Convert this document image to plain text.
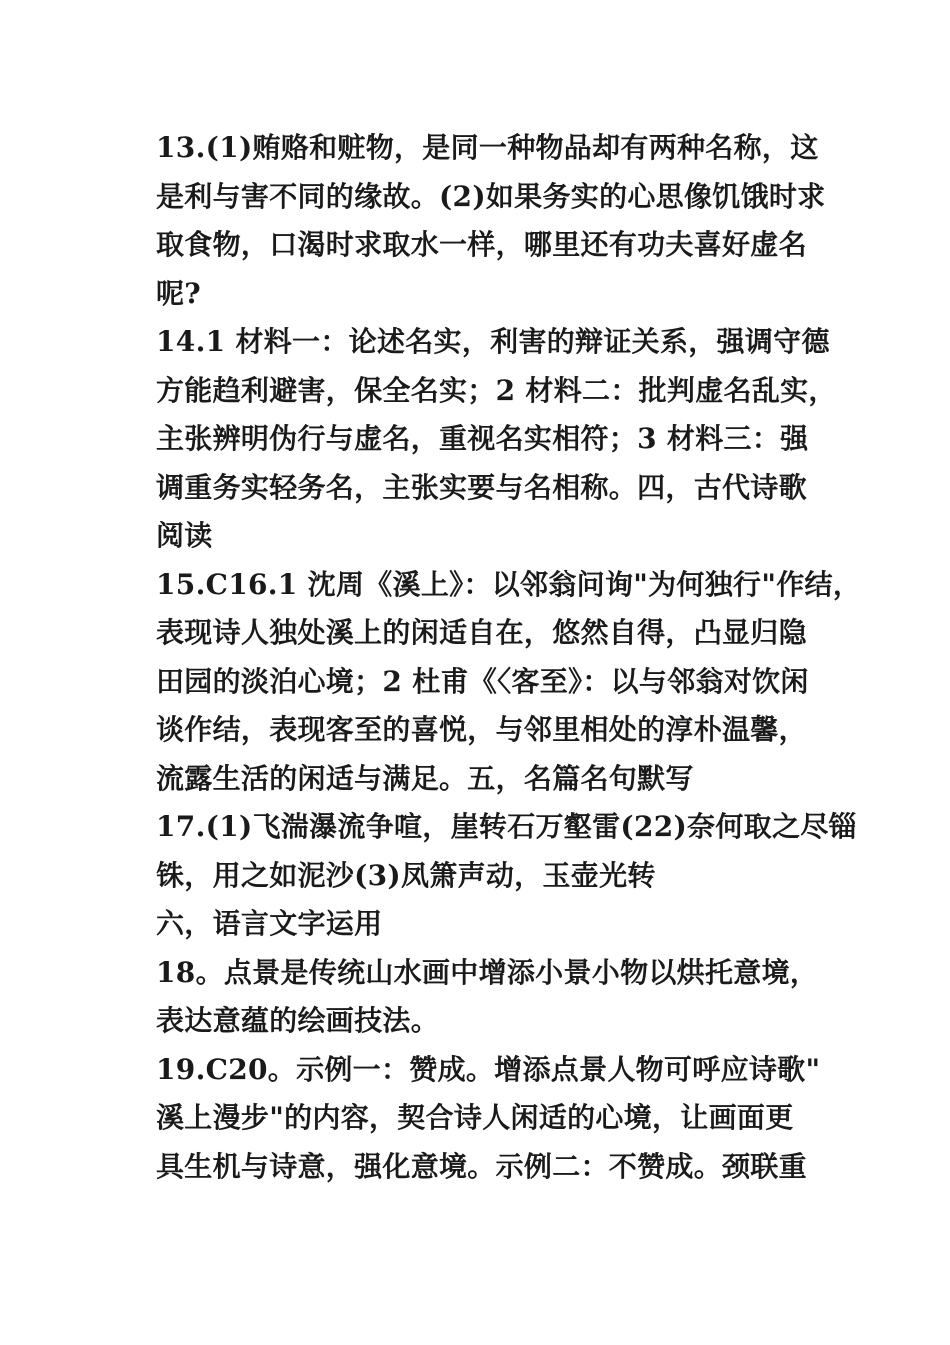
13.(1)贿赂和赃物，是同一种物品却有两种名称，这
是利与害不同的缘故。(2)如果务实的心思像饥饿时求
取食物，口渴时求取水一样，哪里还有功夫喜好虚名
呢?
14.1 材料一：论述名实，利害的辩证关系，强调守德
方能趋利避害，保全名实；2 材料二：批判虚名乱实，
主张辨明伪行与虚名，重视名实相符；3 材料三：强
调重务实轻务名，主张实要与名相称。四，古代诗歌
阅读
15.C16.1 沈周《溪上》：以邻翁问询"为何独行"作结，
表现诗人独处溪上的闲适自在，悠然自得，凸显归隐
田园的淡泊心境；2 杜甫《〈客至》：以与邻翁对饮闲
谈作结，表现客至的喜悦，与邻里相处的淳朴温馨，
流露生活的闲适与满足。五，名篇名句默写
17.(1)飞湍瀑流争喧，崖转石万壑雷(22)奈何取之尽锱
铢，用之如泥沙(3)凤箫声动，玉壶光转
六，语言文字运用
18。点景是传统山水画中增添小景小物以烘托意境，
表达意蕴的绘画技法。
19.C20。示例一：赞成。增添点景人物可呼应诗歌"
溪上漫步"的内容，契合诗人闲适的心境，让画面更
具生机与诗意，强化意境。示例二：不赞成。颈联重
